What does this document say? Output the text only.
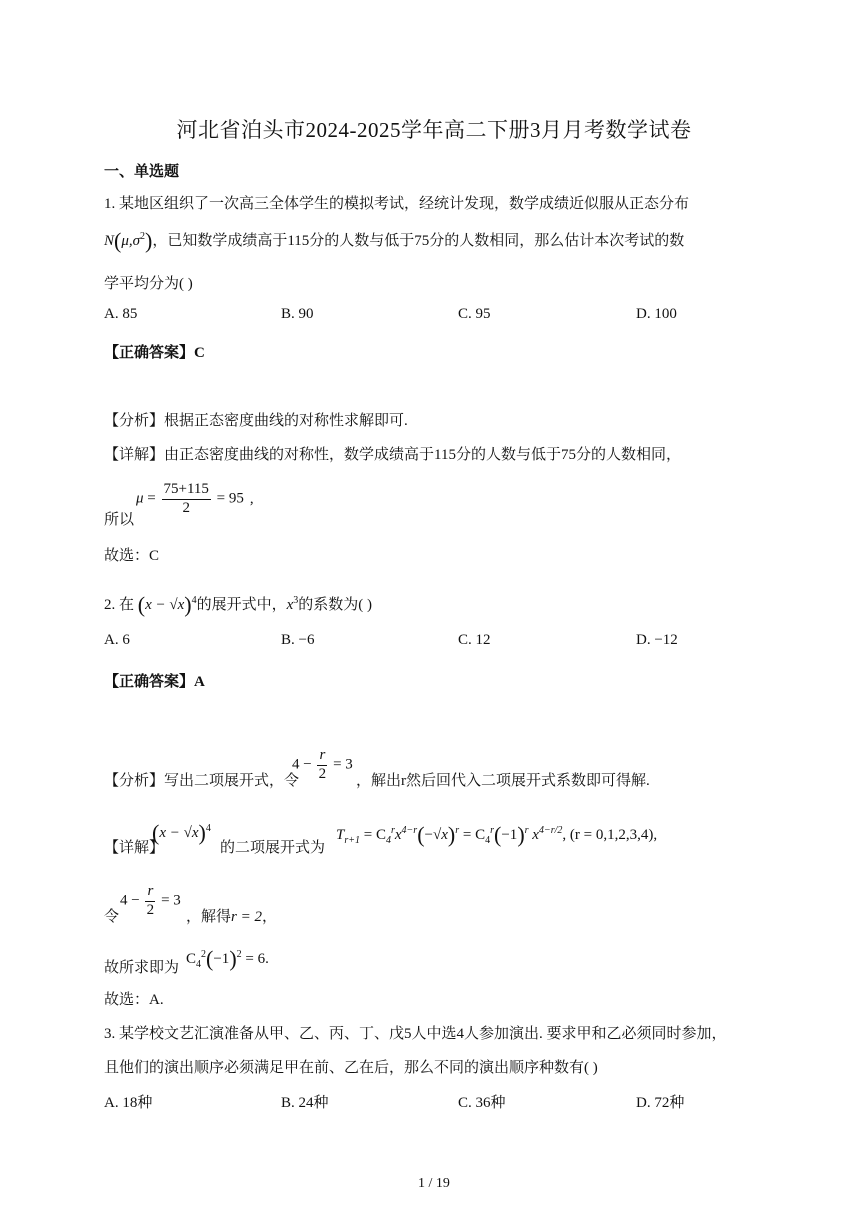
河北省泊头市2024-2025学年高二下册3月月考数学试卷
一、单选题
1. 某地区组织了一次高三全体学生的模拟考试，经统计发现，数学成绩近似服从正态分布
$N(\mu,\sigma^2)$，已知数学成绩高于115分的人数与低于75分的人数相同，那么估计本次考试的数
学平均分为( )
A. 85	B. 90	C. 95	D. 100
【正确答案】C
【分析】根据正态密度曲线的对称性求解即可.
【详解】由正态密度曲线的对称性，数学成绩高于115分的人数与低于75分的人数相同，
所以
$\mu = \frac{75+115}{2} = 95$ ,
故选：C
2. 在 $(x - √x)^4$的展开式中，$x^3$的系数为( )
A. 6	B. −6	C. 12	D. −12
【正确答案】A
【分析】写出二项展开式，令
$4 - \frac{r}{2} = 3$
，解出r然后回代入二项展开式系数即可得解.
【详解】
$(x - √x)^4$
的二项展开式为
$T_{r+1} = C_4^rx^{4-r}(-√x)^r = C_4^r(-1)^r$ $x^{4-r/2}$, (r = 0,1,2,3,4),
令
$4 - \frac{r}{2} = 3$
，解得r = 2，
故所求即为
$C_4^2(-1)^2 = 6$.
故选：A.
3. 某学校文艺汇演准备从甲、乙、丙、丁、戊5人中选4人参加演出. 要求甲和乙必须同时参加，
且他们的演出顺序必须满足甲在前、乙在后，那么不同的演出顺序种数有( )
A. 18种	B. 24种	C. 36种	D. 72种
1 / 19
